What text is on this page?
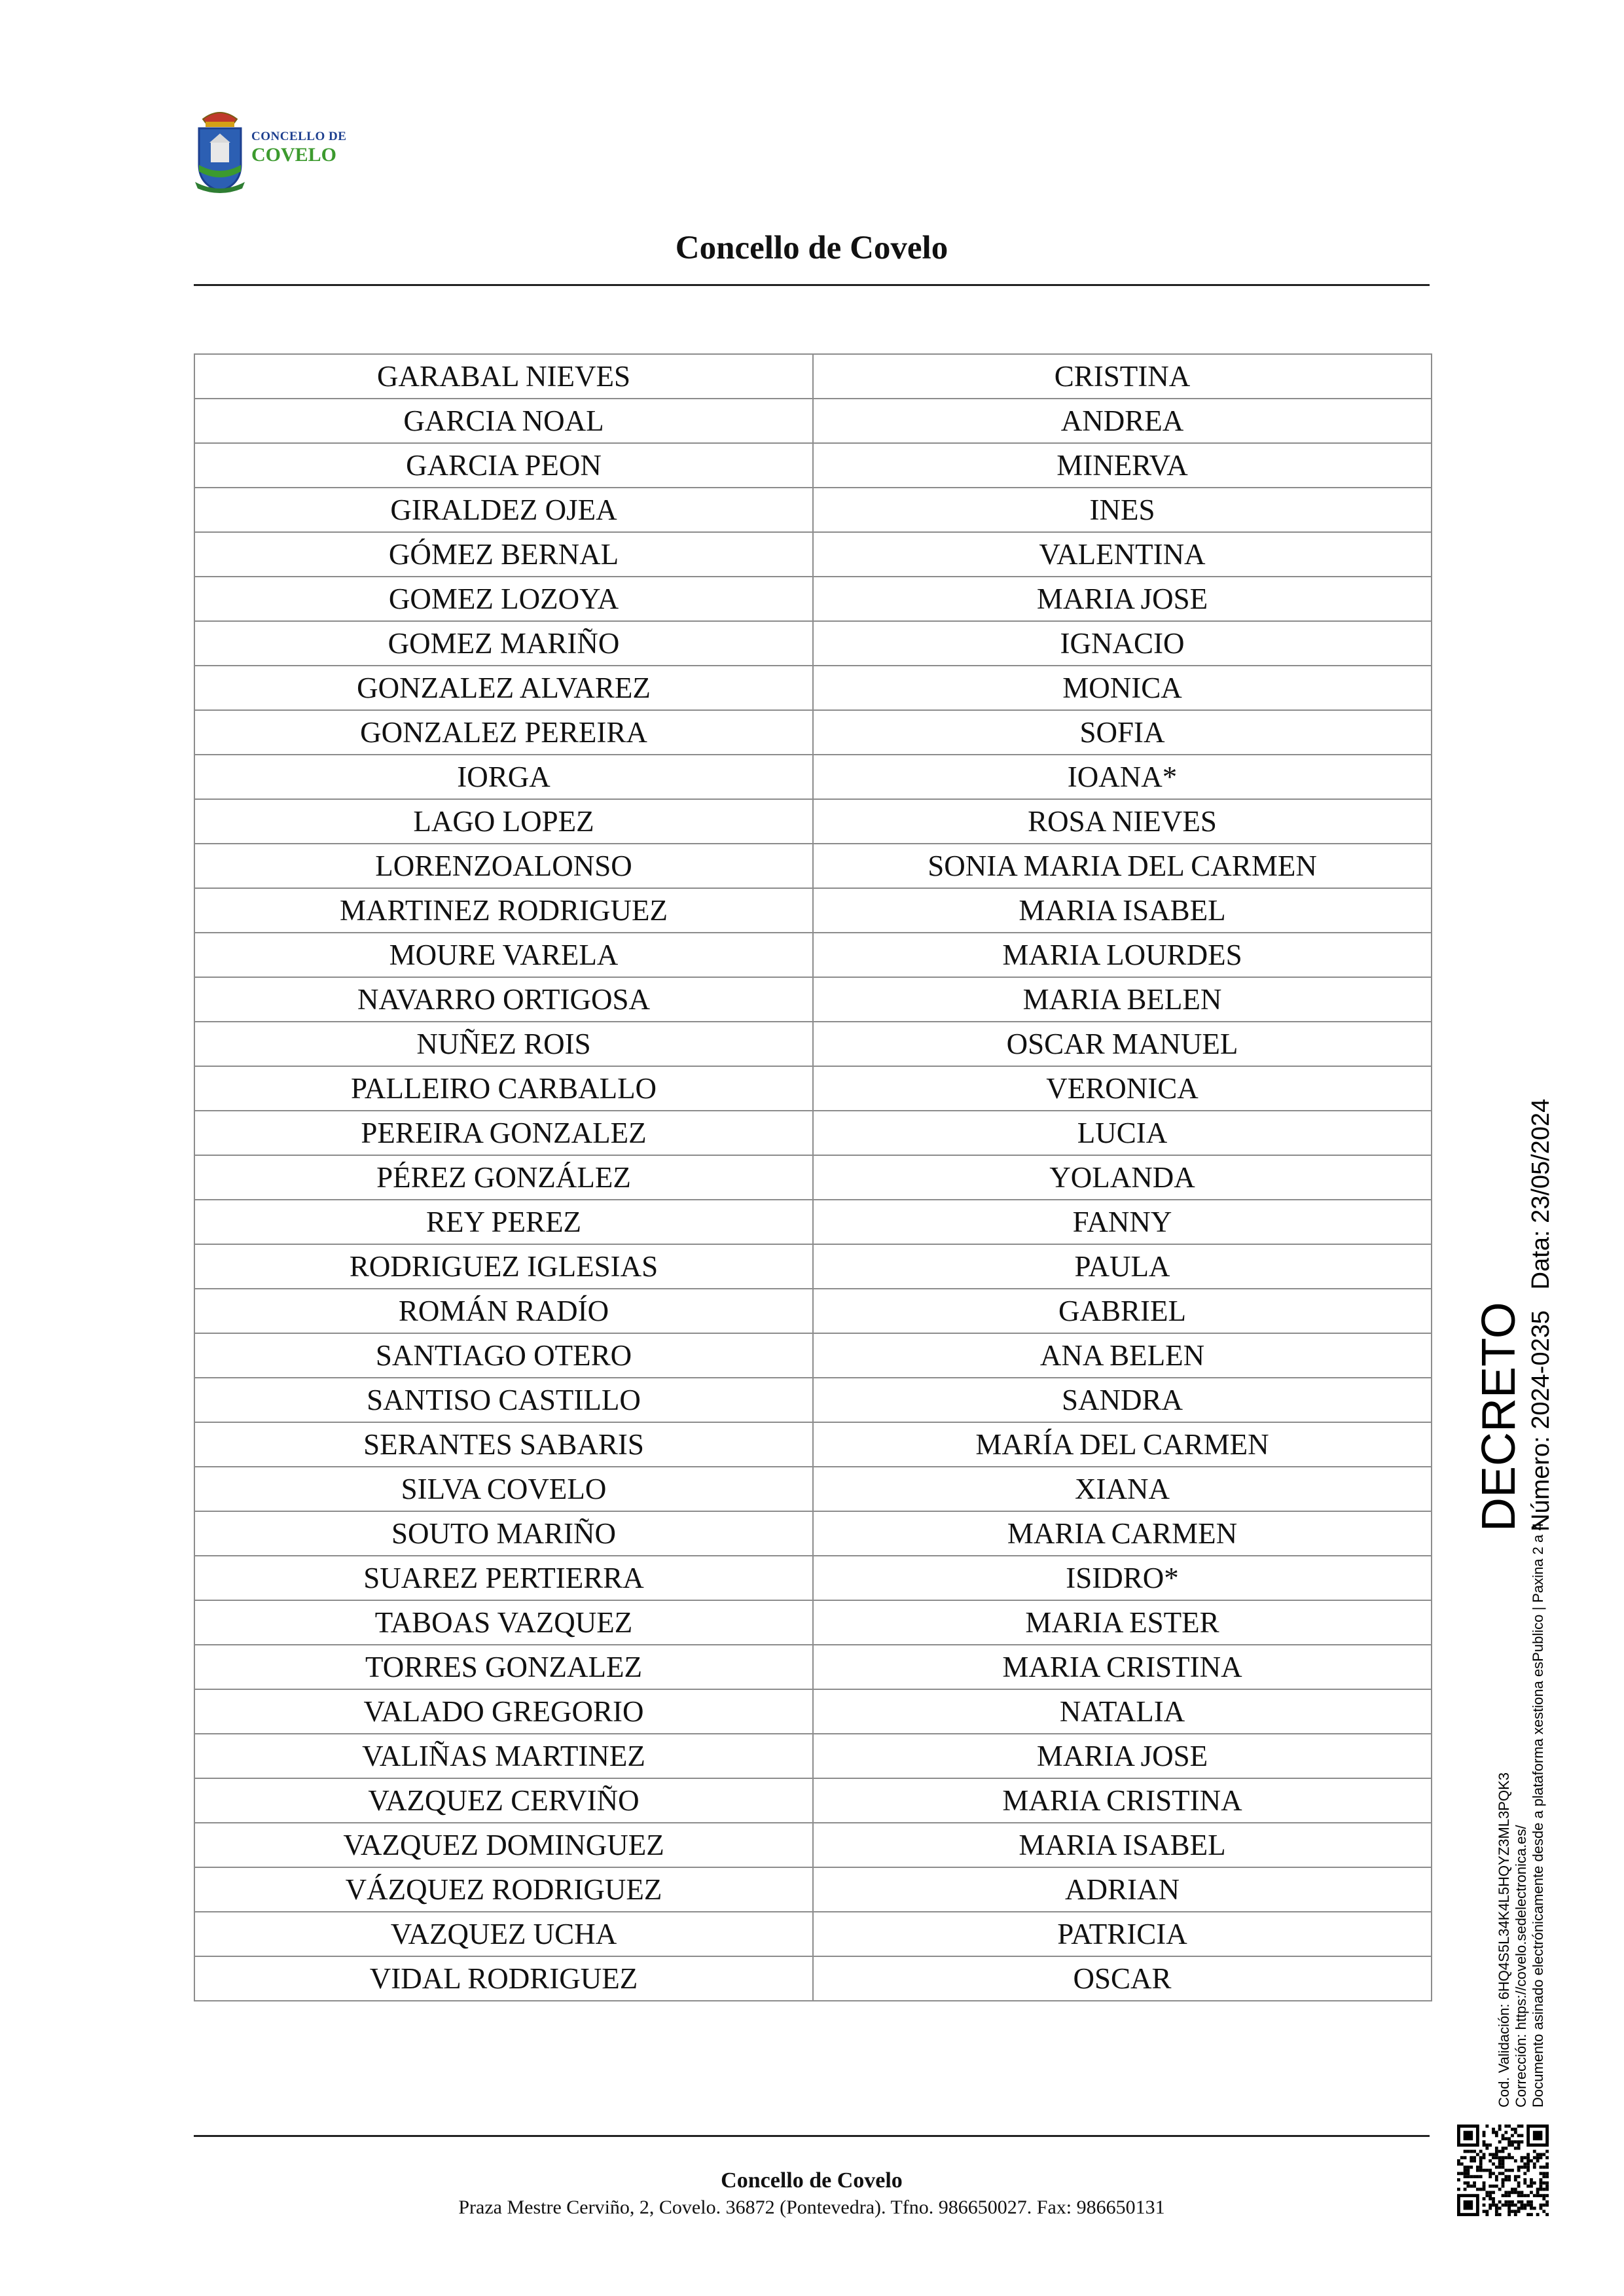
CONCELLO DE
COVELO
Concello de Covelo
GARABAL NIEVES	CRISTINA
GARCIA NOAL	ANDREA
GARCIA PEON	MINERVA
GIRALDEZ OJEA	INES
GÓMEZ BERNAL	VALENTINA
GOMEZ LOZOYA	MARIA JOSE
GOMEZ MARIÑO	IGNACIO
GONZALEZ ALVAREZ	MONICA
GONZALEZ PEREIRA	SOFIA
IORGA	IOANA*
LAGO LOPEZ	ROSA NIEVES
LORENZOALONSO	SONIA MARIA DEL CARMEN
MARTINEZ RODRIGUEZ	MARIA ISABEL
MOURE VARELA	MARIA LOURDES
NAVARRO ORTIGOSA	MARIA BELEN
NUÑEZ ROIS	OSCAR MANUEL
PALLEIRO CARBALLO	VERONICA
PEREIRA GONZALEZ	LUCIA
PÉREZ GONZÁLEZ	YOLANDA
REY PEREZ	FANNY
RODRIGUEZ IGLESIAS	PAULA
ROMÁN RADÍO	GABRIEL
SANTIAGO OTERO	ANA BELEN
SANTISO CASTILLO	SANDRA
SERANTES SABARIS	MARÍA DEL CARMEN
SILVA COVELO	XIANA
SOUTO MARIÑO	MARIA CARMEN
SUAREZ PERTIERRA	ISIDRO*
TABOAS VAZQUEZ	MARIA ESTER
TORRES GONZALEZ	MARIA CRISTINA
VALADO GREGORIO	NATALIA
VALIÑAS MARTINEZ	MARIA JOSE
VAZQUEZ CERVIÑO	MARIA CRISTINA
VAZQUEZ DOMINGUEZ	MARIA ISABEL
VÁZQUEZ RODRIGUEZ	ADRIAN
VAZQUEZ UCHA	PATRICIA
VIDAL RODRIGUEZ	OSCAR
Concello de Covelo
Praza Mestre Cerviño, 2, Covelo. 36872 (Pontevedra). Tfno. 986650027. Fax: 986650131
DECRETO Número: 2024-0235   Data: 23/05/2024
Cod. Validación: 6HQ4S5L34K4L5HQYZ3ML3PQK3 Corrección: https://covelo.sedelectronica.es/ Documento asinado electrónicamente desde a plataforma xestiona esPublico | Paxina 2 a 4
